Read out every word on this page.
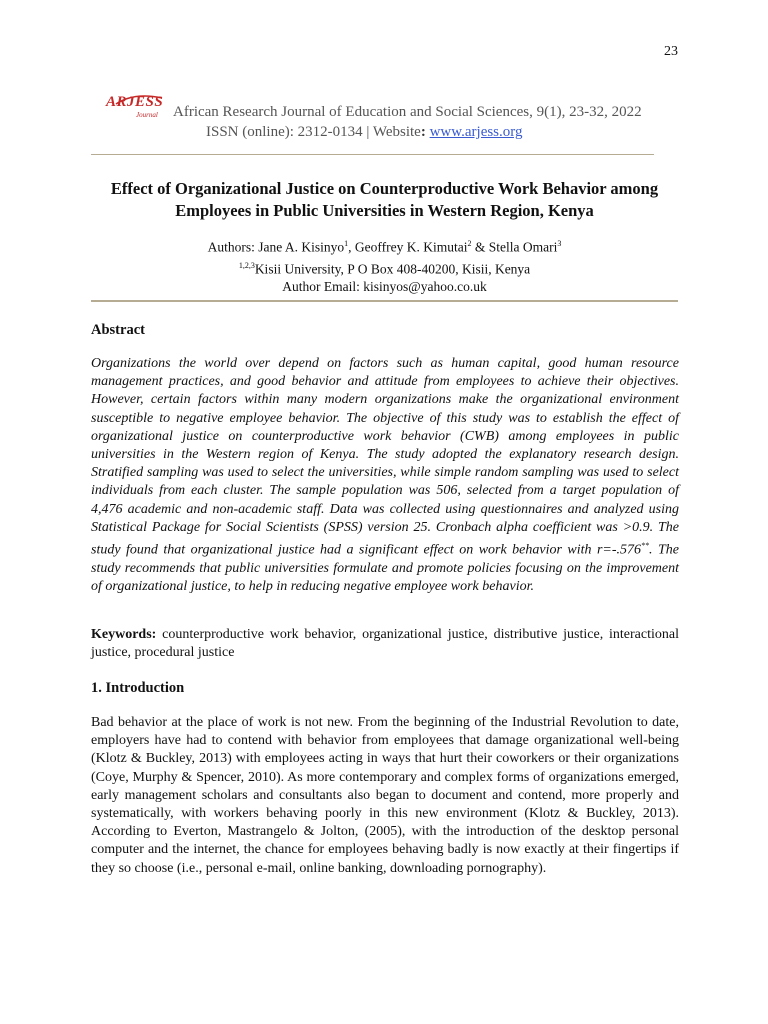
23
ARJESS
Journal African Research Journal of Education and Social Sciences, 9(1), 23-32, 2022
ISSN (online): 2312-0134 | Website: www.arjess.org
Effect of Organizational Justice on Counterproductive Work Behavior among Employees in Public Universities in Western Region, Kenya
Authors: Jane A. Kisinyo$^1$, Geoffrey K. Kimutai$^2$ & Stella Omari$^3$
$^{1,2,3}$Kisii University, P O Box 408-40200, Kisii, Kenya
Author Email: kisinyos@yahoo.co.uk
Abstract
Organizations the world over depend on factors such as human capital, good human resource management practices, and good behavior and attitude from employees to achieve their objectives. However, certain factors within many modern organizations make the organizational environment susceptible to negative employee behavior. The objective of this study was to establish the effect of organizational justice on counterproductive work behavior (CWB) among employees in public universities in the Western region of Kenya. The study adopted the explanatory research design. Stratified sampling was used to select the universities, while simple random sampling was used to select individuals from each cluster. The sample population was 506, selected from a target population of 4,476 academic and non-academic staff. Data was collected using questionnaires and analyzed using Statistical Package for Social Scientists (SPSS) version 25. Cronbach alpha coefficient was >0.9. The study found that organizational justice had a significant effect on work behavior with r=-.576**. The study recommends that public universities formulate and promote policies focusing on the improvement of organizational justice, to help in reducing negative employee work behavior.
Keywords: counterproductive work behavior, organizational justice, distributive justice, interactional justice, procedural justice
1. Introduction
Bad behavior at the place of work is not new. From the beginning of the Industrial Revolution to date, employers have had to contend with behavior from employees that damage organizational well-being (Klotz & Buckley, 2013) with employees acting in ways that hurt their coworkers or their organizations (Coye, Murphy & Spencer, 2010). As more contemporary and complex forms of organizations emerged, early management scholars and consultants also began to document and contend, more properly and systematically, with workers behaving poorly in this new environment (Klotz & Buckley, 2013). According to Everton, Mastrangelo & Jolton, (2005), with the introduction of the desktop personal computer and the internet, the chance for employees behaving badly is now exactly at their fingertips if they so choose (i.e., personal e-mail, online banking, downloading pornography).
